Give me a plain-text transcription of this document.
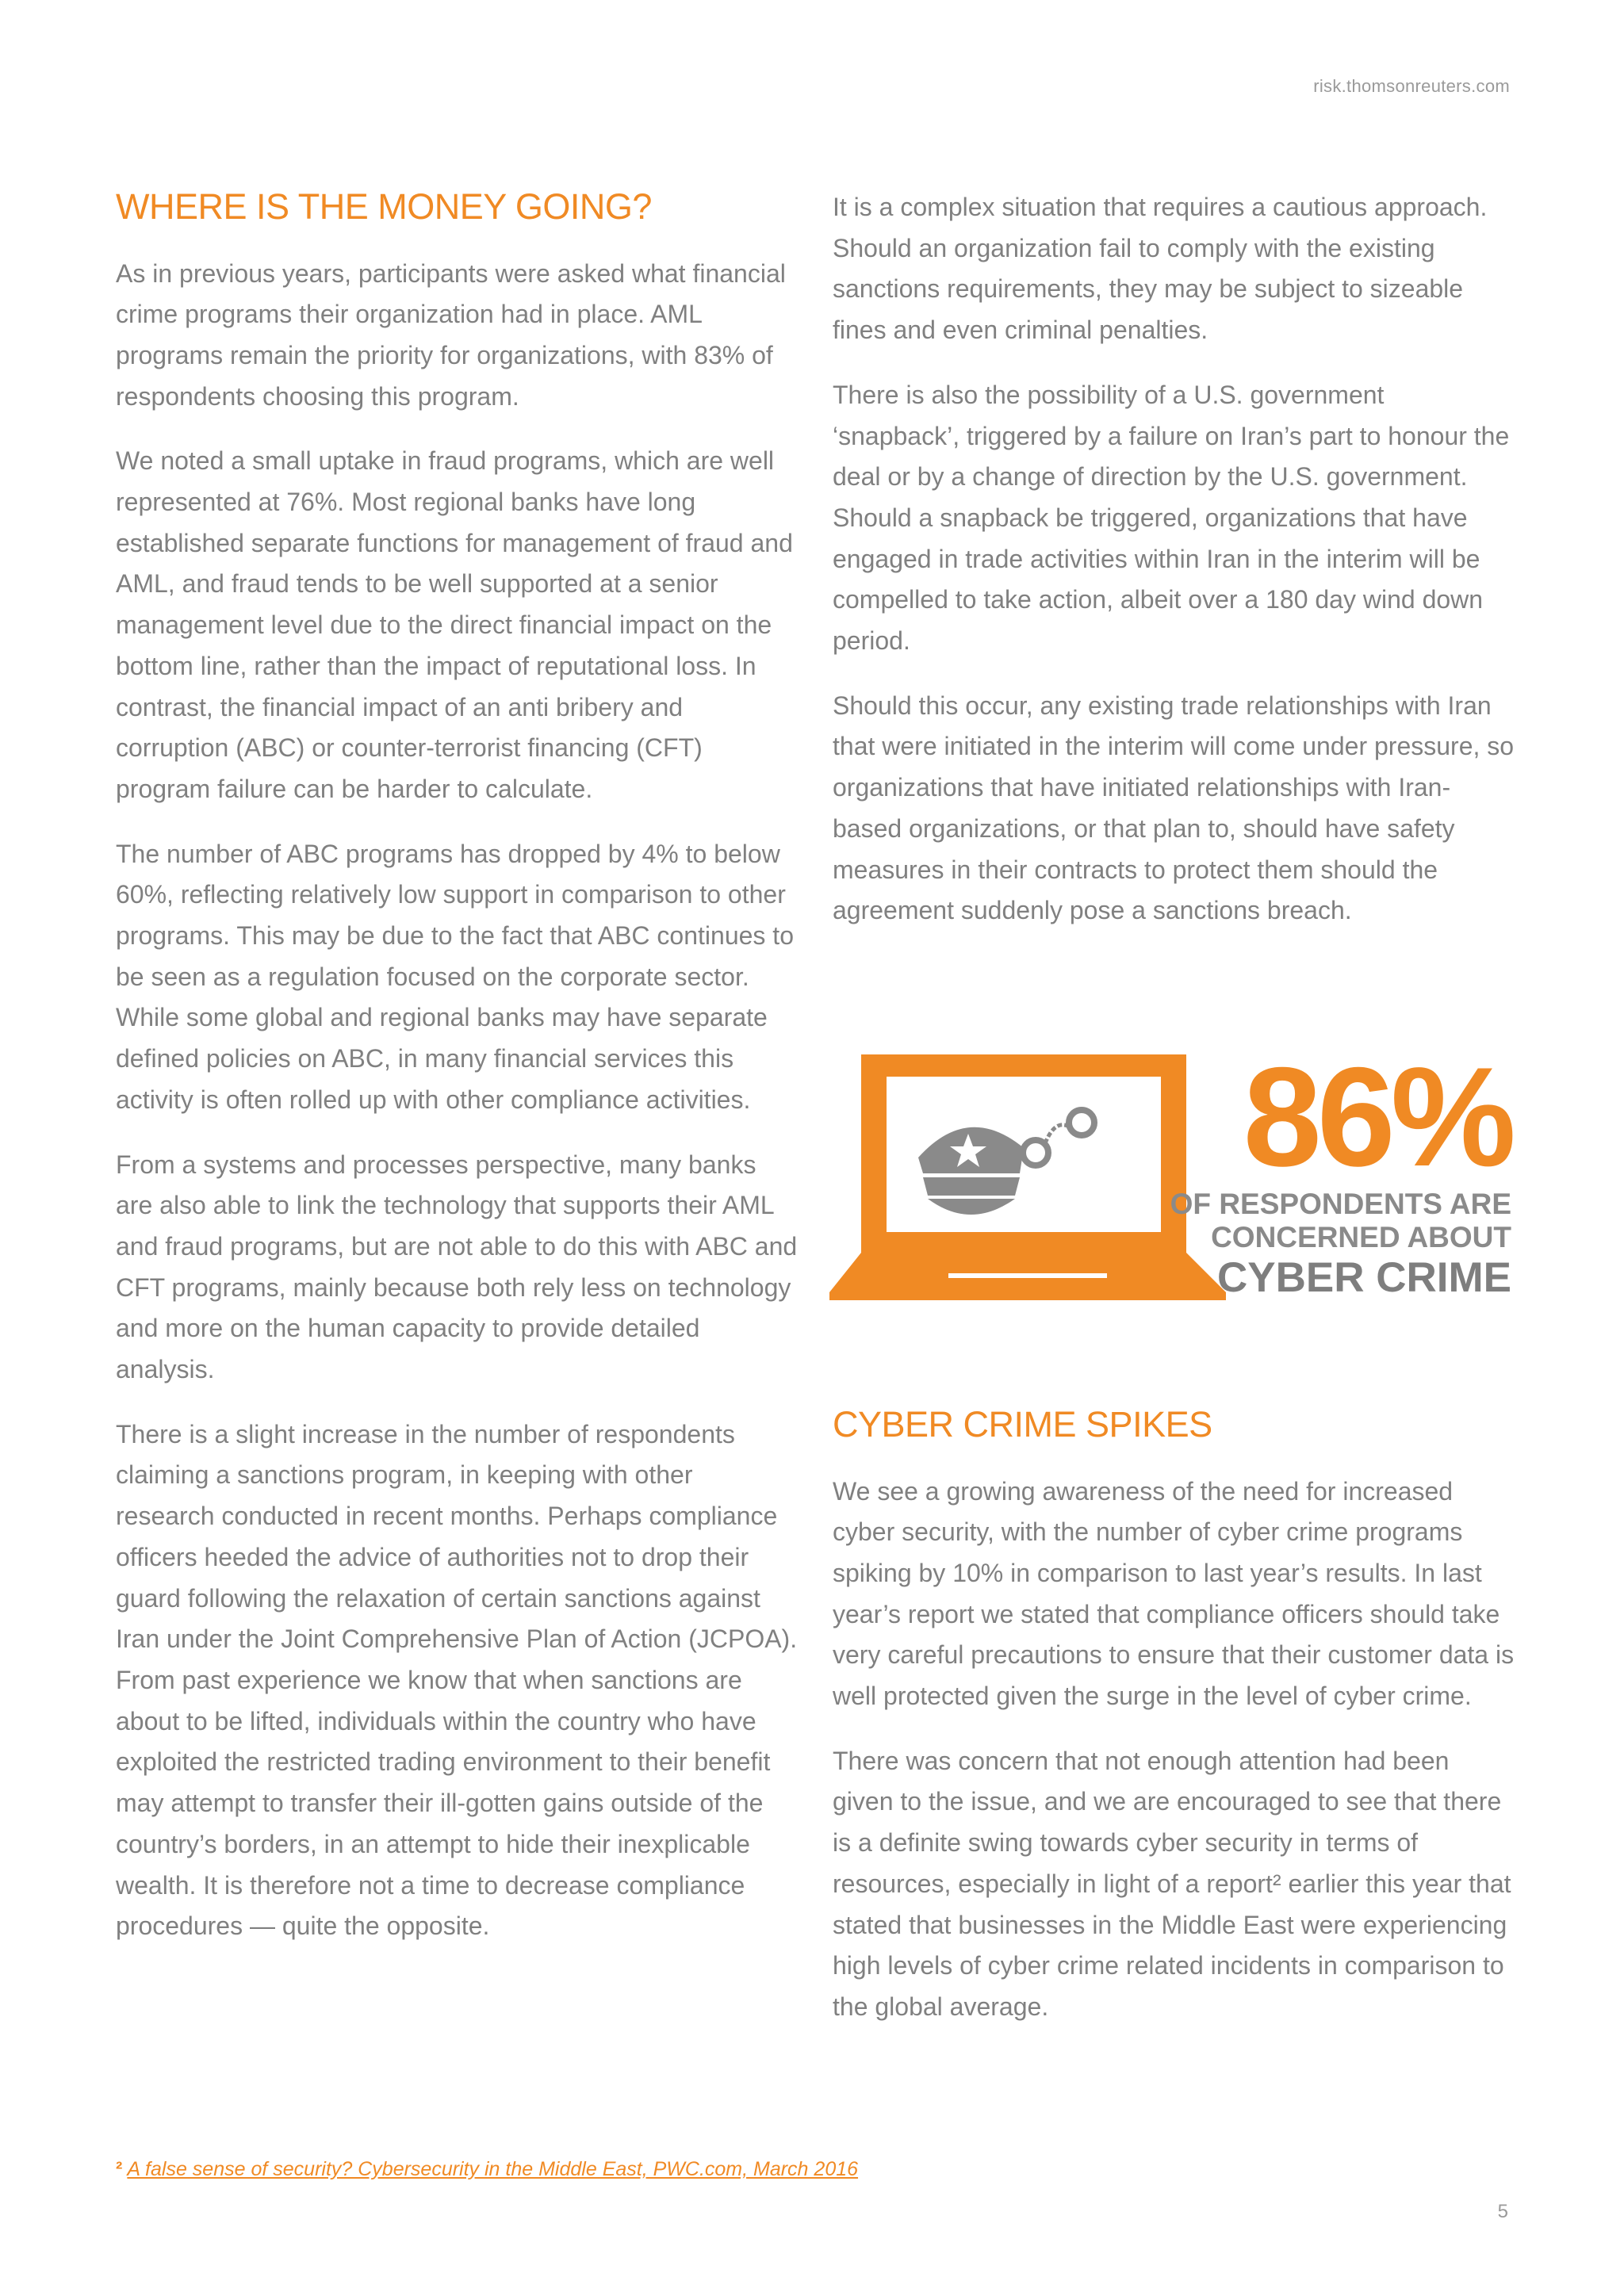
risk.thomsonreuters.com
WHERE IS THE MONEY GOING?

As in previous years, participants were asked what financial crime programs their organization had in place. AML programs remain the priority for organizations, with 83% of respondents choosing this program.

We noted a small uptake in fraud programs, which are well represented at 76%. Most regional banks have long established separate functions for management of fraud and AML, and fraud tends to be well supported at a senior management level due to the direct financial impact on the bottom line, rather than the impact of reputational loss. In contrast, the financial impact of an anti bribery and corruption (ABC) or counter-terrorist financing (CFT) program failure can be harder to calculate.

The number of ABC programs has dropped by 4% to below 60%, reflecting relatively low support in comparison to other programs. This may be due to the fact that ABC continues to be seen as a regulation focused on the corporate sector. While some global and regional banks may have separate defined policies on ABC, in many financial services this activity is often rolled up with other compliance activities.

From a systems and processes perspective, many banks are also able to link the technology that supports their AML and fraud programs, but are not able to do this with ABC and CFT programs, mainly because both rely less on technology and more on the human capacity to provide detailed analysis.

There is a slight increase in the number of respondents claiming a sanctions program, in keeping with other research conducted in recent months. Perhaps compliance officers heeded the advice of authorities not to drop their guard following the relaxation of certain sanctions against Iran under the Joint Comprehensive Plan of Action (JCPOA). From past experience we know that when sanctions are about to be lifted, individuals within the country who have exploited the restricted trading environment to their benefit may attempt to transfer their ill-gotten gains outside of the country’s borders, in an attempt to hide their inexplicable wealth. It is therefore not a time to decrease compliance procedures — quite the opposite.

It is a complex situation that requires a cautious approach. Should an organization fail to comply with the existing sanctions requirements, they may be subject to sizeable fines and even criminal penalties.

There is also the possibility of a U.S. government ‘snapback’, triggered by a failure on Iran’s part to honour the deal or by a change of direction by the U.S. government. Should a snapback be triggered, organizations that have engaged in trade activities within Iran in the interim will be compelled to take action, albeit over a 180 day wind down period.

Should this occur, any existing trade relationships with Iran that were initiated in the interim will come under pressure, so organizations that have initiated relationships with Iran-based organizations, or that plan to, should have safety measures in their contracts to protect them should the agreement suddenly pose a sanctions breach.

86%
OF RESPONDENTS ARE
CONCERNED ABOUT
CYBER CRIME
CYBER CRIME SPIKES

We see a growing awareness of the need for increased cyber security, with the number of cyber crime programs spiking by 10% in comparison to last year’s results. In last year’s report we stated that compliance officers should take very careful precautions to ensure that their customer data is well protected given the surge in the level of cyber crime.

There was concern that not enough attention had been given to the issue, and we are encouraged to see that there is a definite swing towards cyber security in terms of resources, especially in light of a report² earlier this year that stated that businesses in the Middle East were experiencing high levels of cyber crime related incidents in comparison to the global average.

² A false sense of security? Cybersecurity in the Middle East, PWC.com, March 2016
5
